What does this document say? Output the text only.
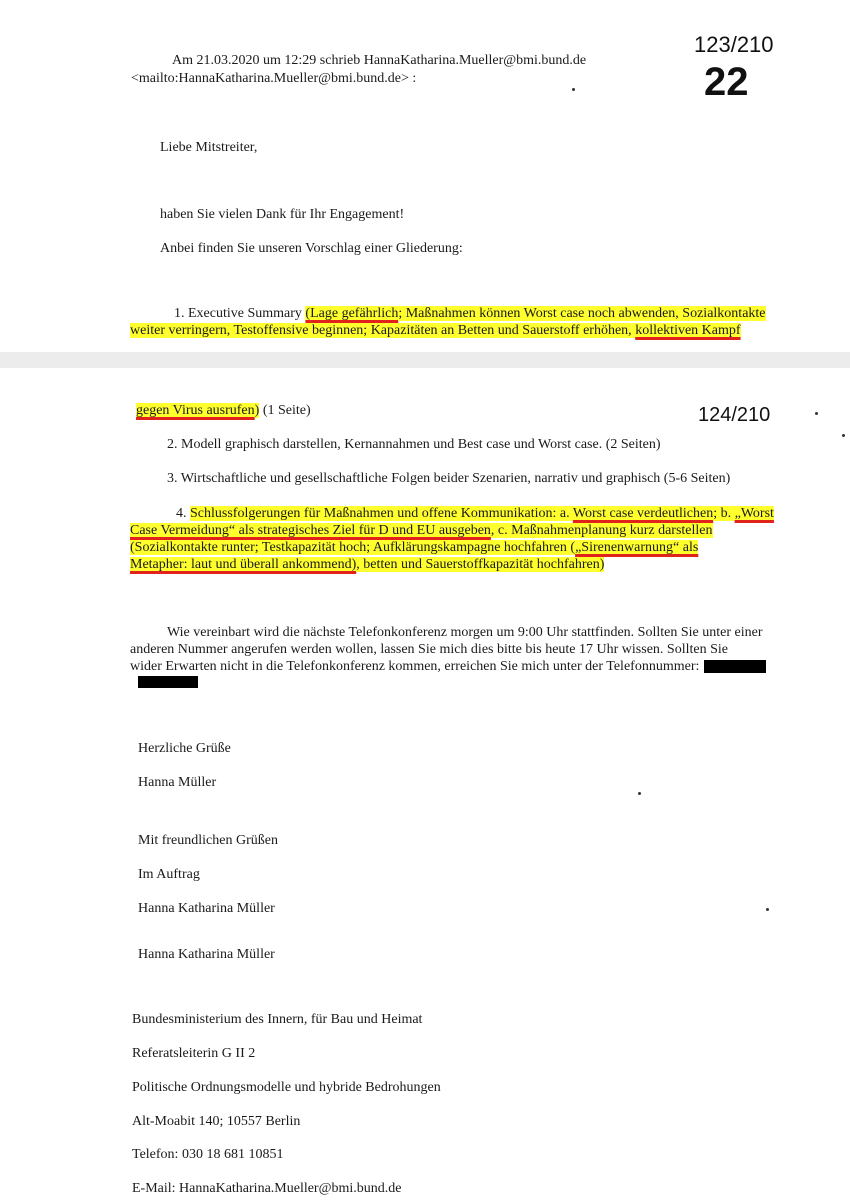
123/210
22
Am 21.03.2020 um 12:29 schrieb HannaKatharina.Mueller@bmi.bund.de
<mailto:HannaKatharina.Mueller@bmi.bund.de> :
Liebe Mitstreiter,
haben Sie vielen Dank für Ihr Engagement!
Anbei finden Sie unseren Vorschlag einer Gliederung:
1. Executive Summary (Lage gefährlich; Maßnahmen können Worst case noch abwenden, Sozialkontakte
weiter verringern, Testoffensive beginnen; Kapazitäten an Betten und Sauerstoff erhöhen, kollektiven Kampf
124/210
gegen Virus ausrufen) (1 Seite)
2. Modell graphisch darstellen, Kernannahmen und Best case und Worst case. (2 Seiten)
3. Wirtschaftliche und gesellschaftliche Folgen beider Szenarien, narrativ und graphisch (5-6 Seiten)
4. Schlussfolgerungen für Maßnahmen und offene Kommunikation: a. Worst case verdeutlichen; b. „Worst
Case Vermeidung“ als strategisches Ziel für D und EU ausgeben, c. Maßnahmenplanung kurz darstellen
(Sozialkontakte runter; Testkapazität hoch; Aufklärungskampagne hochfahren („Sirenenwarnung“ als
Metapher: laut und überall ankommend), betten und Sauerstoffkapazität hochfahren)
Wie vereinbart wird die nächste Telefonkonferenz morgen um 9:00 Uhr stattfinden. Sollten Sie unter einer
anderen Nummer angerufen werden wollen, lassen Sie mich dies bitte bis heute 17 Uhr wissen. Sollten Sie
wider Erwarten nicht in die Telefonkonferenz kommen, erreichen Sie mich unter der Telefonnummer:
Herzliche Grüße
Hanna Müller
Mit freundlichen Grüßen
Im Auftrag
Hanna Katharina Müller
Hanna Katharina Müller
Bundesministerium des Innern, für Bau und Heimat
Referatsleiterin G II 2
Politische Ordnungsmodelle und hybride Bedrohungen
Alt-Moabit 140; 10557 Berlin
Telefon: 030 18 681 10851
E-Mail: HannaKatharina.Mueller@bmi.bund.de
